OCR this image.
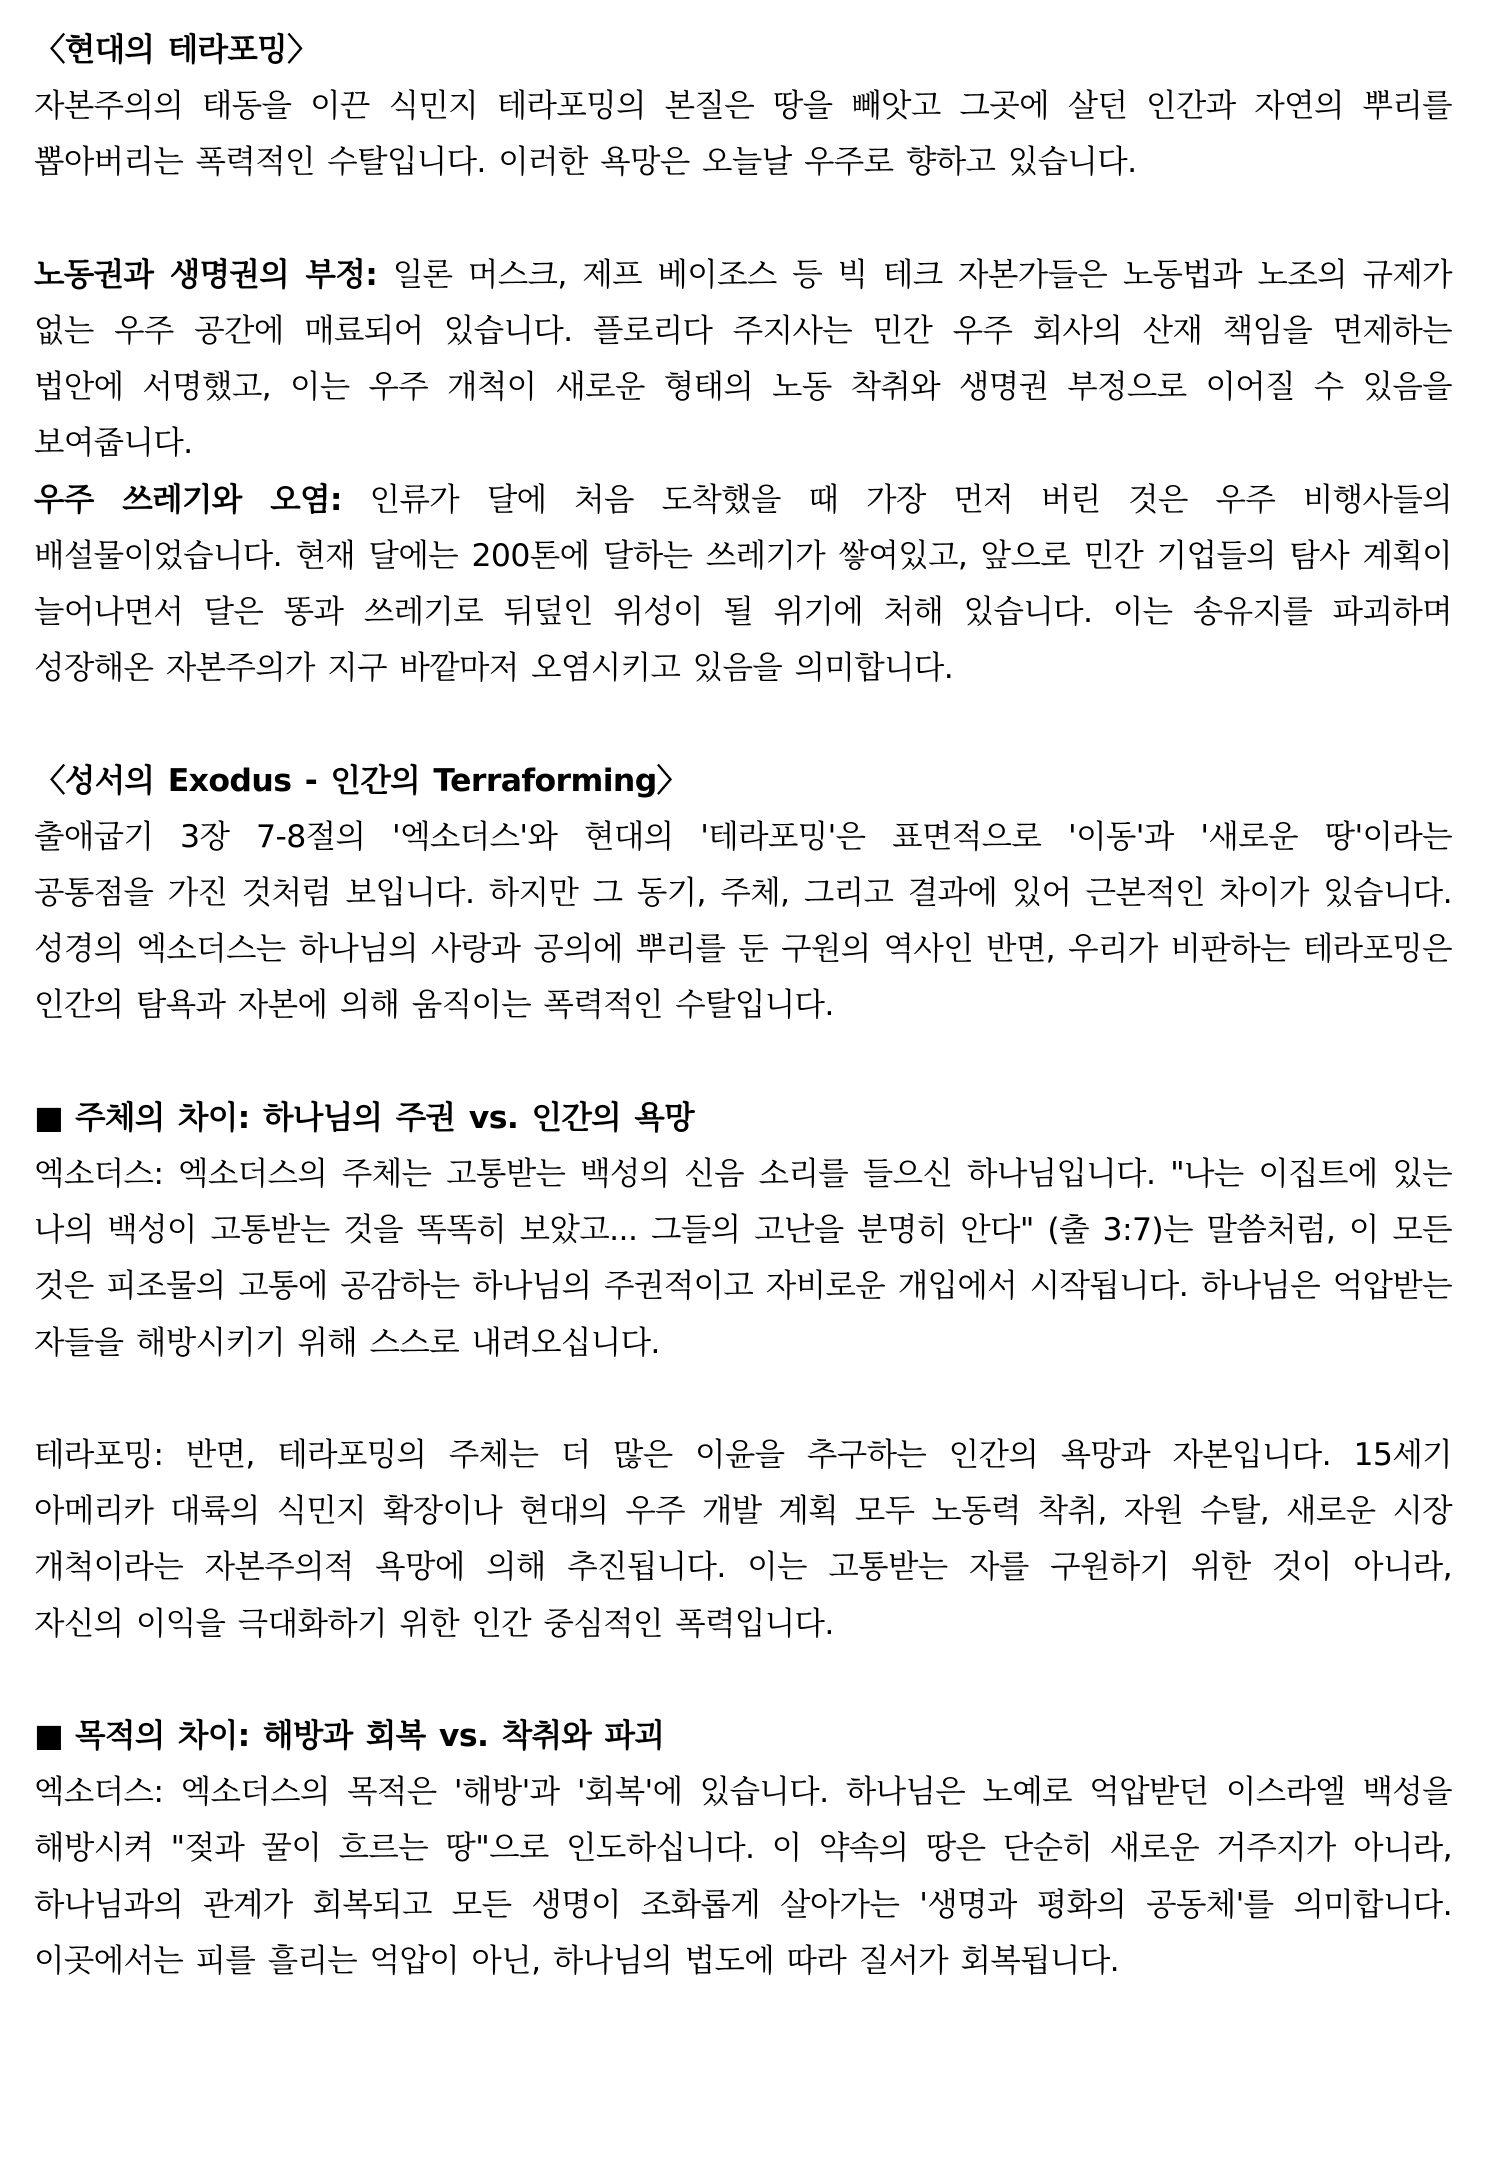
〈현대의 테라포밍〉

자본주의의 태동을 이끈 식민지 테라포밍의 본질은 땅을 빼앗고 그곳에 살던 인간과 자연의 뿌리를 뽑아버리는 폭력적인 수탈입니다. 이러한 욕망은 오늘날 우주로 향하고 있습니다.

노동권과 생명권의 부정: 일론 머스크, 제프 베이조스 등 빅 테크 자본가들은 노동법과 노조의 규제가 없는 우주 공간에 매료되어 있습니다. 플로리다 주지사는 민간 우주 회사의 산재 책임을 면제하는 법안에 서명했고, 이는 우주 개척이 새로운 형태의 노동 착취와 생명권 부정으로 이어질 수 있음을 보여줍니다.

우주 쓰레기와 오염: 인류가 달에 처음 도착했을 때 가장 먼저 버린 것은 우주 비행사들의 배설물이었습니다. 현재 달에는 200톤에 달하는 쓰레기가 쌓여있고, 앞으로 민간 기업들의 탐사 계획이 늘어나면서 달은 똥과 쓰레기로 뒤덮인 위성이 될 위기에 처해 있습니다. 이는 송유지를 파괴하며 성장해온 자본주의가 지구 바깥마저 오염시키고 있음을 의미합니다.

〈성서의 Exodus - 인간의 Terraforming〉

출애굽기 3장 7-8절의 '엑소더스'와 현대의 '테라포밍'은 표면적으로 '이동'과 '새로운 땅'이라는 공통점을 가진 것처럼 보입니다. 하지만 그 동기, 주체, 그리고 결과에 있어 근본적인 차이가 있습니다. 성경의 엑소더스는 하나님의 사랑과 공의에 뿌리를 둔 구원의 역사인 반면, 우리가 비판하는 테라포밍은 인간의 탐욕과 자본에 의해 움직이는 폭력적인 수탈입니다.

■ 주체의 차이: 하나님의 주권 vs. 인간의 욕망

엑소더스: 엑소더스의 주체는 고통받는 백성의 신음 소리를 들으신 하나님입니다. "나는 이집트에 있는 나의 백성이 고통받는 것을 똑똑히 보았고... 그들의 고난을 분명히 안다" (출 3:7)는 말씀처럼, 이 모든 것은 피조물의 고통에 공감하는 하나님의 주권적이고 자비로운 개입에서 시작됩니다. 하나님은 억압받는 자들을 해방시키기 위해 스스로 내려오십니다.

테라포밍: 반면, 테라포밍의 주체는 더 많은 이윤을 추구하는 인간의 욕망과 자본입니다. 15세기 아메리카 대륙의 식민지 확장이나 현대의 우주 개발 계획 모두 노동력 착취, 자원 수탈, 새로운 시장 개척이라는 자본주의적 욕망에 의해 추진됩니다. 이는 고통받는 자를 구원하기 위한 것이 아니라, 자신의 이익을 극대화하기 위한 인간 중심적인 폭력입니다.

■ 목적의 차이: 해방과 회복 vs. 착취와 파괴

엑소더스: 엑소더스의 목적은 '해방'과 '회복'에 있습니다. 하나님은 노예로 억압받던 이스라엘 백성을 해방시켜 "젖과 꿀이 흐르는 땅"으로 인도하십니다. 이 약속의 땅은 단순히 새로운 거주지가 아니라, 하나님과의 관계가 회복되고 모든 생명이 조화롭게 살아가는 '생명과 평화의 공동체'를 의미합니다. 이곳에서는 피를 흘리는 억압이 아닌, 하나님의 법도에 따라 질서가 회복됩니다.
